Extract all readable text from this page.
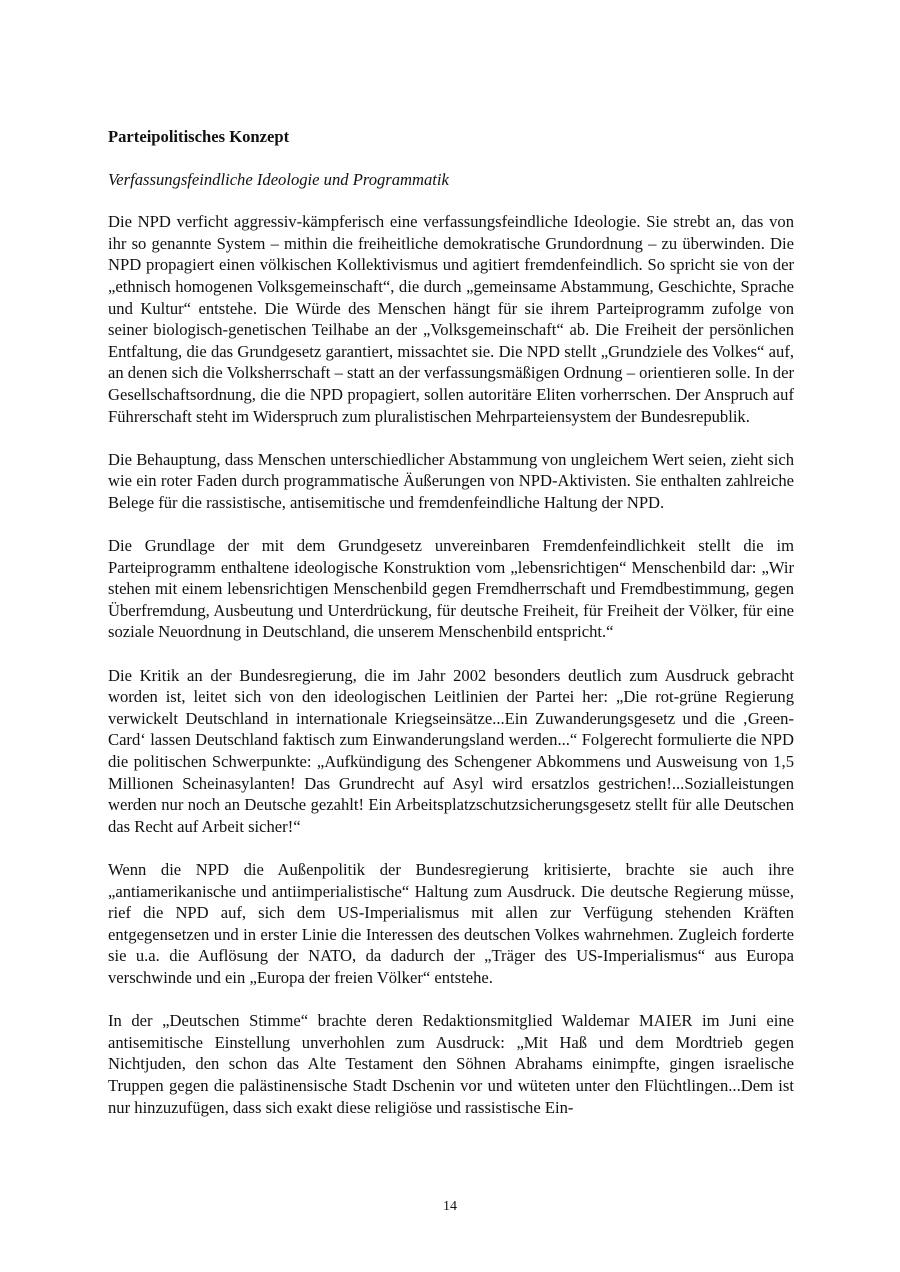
Parteipolitisches Konzept
Verfassungsfeindliche Ideologie und Programmatik

Die NPD verficht aggressiv-kämpferisch eine verfassungsfeindliche Ideologie. Sie strebt an, das von ihr so genannte System – mithin die freiheitliche demokratische Grundordnung – zu überwinden. Die NPD propagiert einen völkischen Kollektivismus und agitiert fremdenfeindlich. So spricht sie von der „ethnisch homogenen Volksgemeinschaft“, die durch „gemeinsame Abstammung, Geschichte, Sprache und Kultur“ entstehe. Die Würde des Menschen hängt für sie ihrem Parteiprogramm zufolge von seiner biologisch-genetischen Teilhabe an der „Volksgemeinschaft“ ab. Die Freiheit der persönlichen Entfaltung, die das Grundgesetz garantiert, missachtet sie. Die NPD stellt „Grundziele des Volkes“ auf, an denen sich die Volksherrschaft – statt an der verfassungsmäßigen Ordnung – orientieren solle. In der Gesellschaftsordnung, die die NPD propagiert, sollen autoritäre Eliten vorherrschen. Der Anspruch auf Führerschaft steht im Widerspruch zum pluralistischen Mehrparteiensystem der Bundesrepublik.

Die Behauptung, dass Menschen unterschiedlicher Abstammung von ungleichem Wert seien, zieht sich wie ein roter Faden durch programmatische Äußerungen von NPD-Aktivisten. Sie enthalten zahlreiche Belege für die rassistische, antisemitische und fremdenfeindliche Haltung der NPD.

Die Grundlage der mit dem Grundgesetz unvereinbaren Fremdenfeindlichkeit stellt die im Parteiprogramm enthaltene ideologische Konstruktion vom „lebensrichtigen“ Menschenbild dar: „Wir stehen mit einem lebensrichtigen Menschenbild gegen Fremdherrschaft und Fremdbestimmung, gegen Überfremdung, Ausbeutung und Unterdrückung, für deutsche Freiheit, für Freiheit der Völker, für eine soziale Neuordnung in Deutschland, die unserem Menschenbild entspricht.“

Die Kritik an der Bundesregierung, die im Jahr 2002 besonders deutlich zum Ausdruck gebracht worden ist, leitet sich von den ideologischen Leitlinien der Partei her: „Die rot-grüne Regierung verwickelt Deutschland in internationale Kriegseinsätze...Ein Zuwanderungsgesetz und die ‚Green-Card‘ lassen Deutschland faktisch zum Einwanderungsland werden...“ Folgerecht formulierte die NPD die politischen Schwerpunkte: „Aufkündigung des Schengener Abkommens und Ausweisung von 1,5 Millionen Scheinasylanten! Das Grundrecht auf Asyl wird ersatzlos gestrichen!...Sozialleistungen werden nur noch an Deutsche gezahlt! Ein Arbeitsplatzschutzsicherungsgesetz stellt für alle Deutschen das Recht auf Arbeit sicher!“

Wenn die NPD die Außenpolitik der Bundesregierung kritisierte, brachte sie auch ihre „antiamerikanische und antiimperialistische“ Haltung zum Ausdruck. Die deutsche Regierung müsse, rief die NPD auf, sich dem US-Imperialismus mit allen zur Verfügung stehenden Kräften entgegensetzen und in erster Linie die Interessen des deutschen Volkes wahrnehmen. Zugleich forderte sie u.a. die Auflösung der NATO, da dadurch der „Träger des US-Imperialismus“ aus Europa verschwinde und ein „Europa der freien Völker“ entstehe.

In der „Deutschen Stimme“ brachte deren Redaktionsmitglied Waldemar MAIER im Juni eine antisemitische Einstellung unverhohlen zum Ausdruck: „Mit Haß und dem Mordtrieb gegen Nichtjuden, den schon das Alte Testament den Söhnen Abrahams einimpfte, gingen israelische Truppen gegen die palästinensische Stadt Dschenin vor und wüteten unter den Flüchtlingen...Dem ist nur hinzuzufügen, dass sich exakt diese religiöse und rassistische Ein-

14
